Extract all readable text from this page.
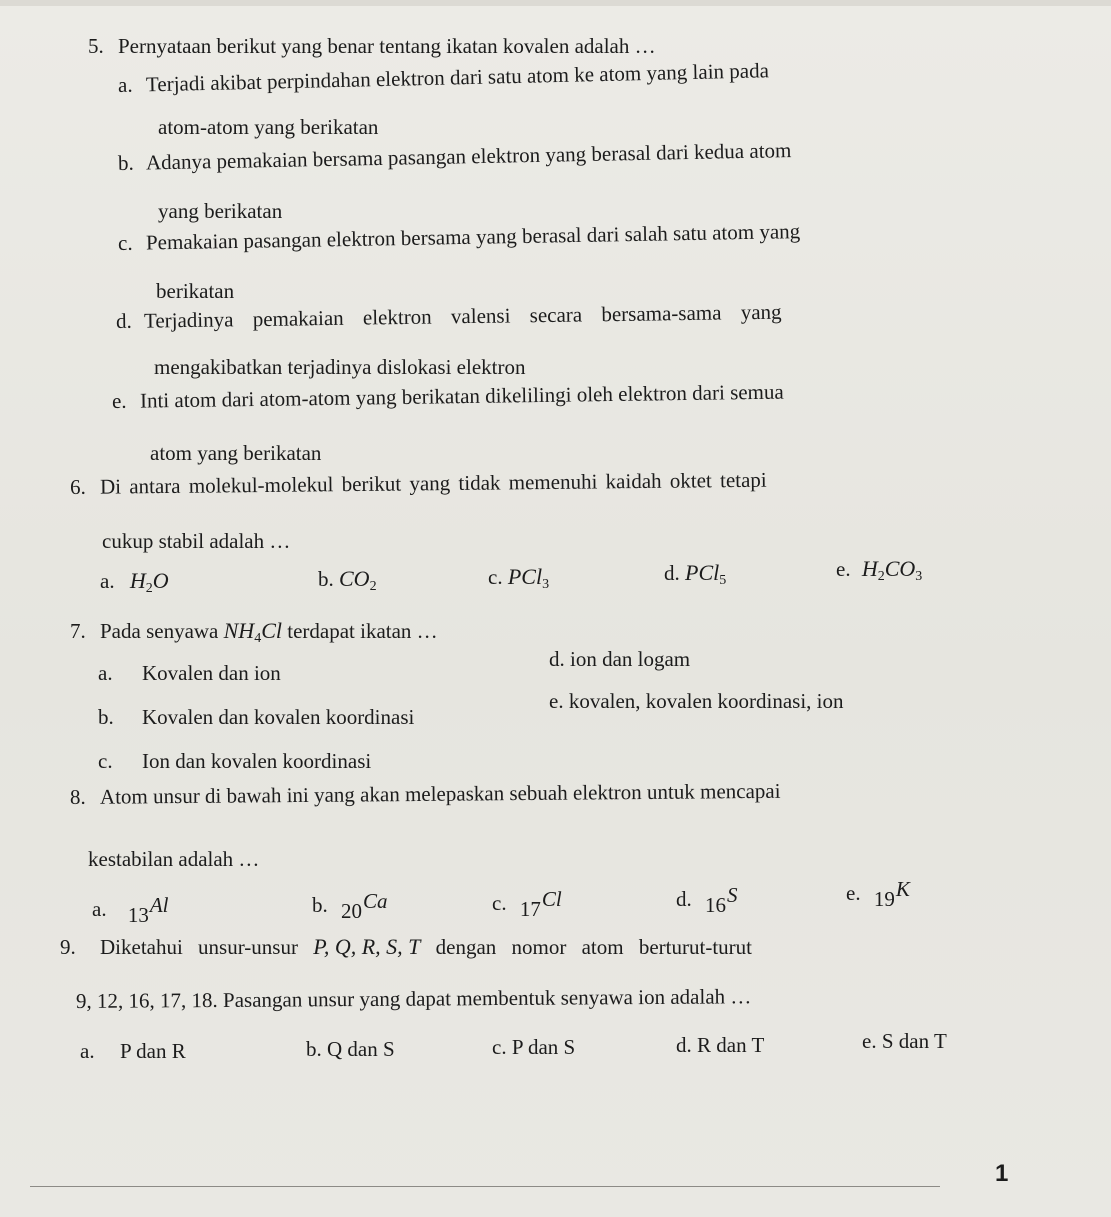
5. Pernyataan berikut yang benar tentang ikatan kovalen adalah …
a. Terjadi akibat perpindahan elektron dari satu atom ke atom yang lain pada
atom-atom yang berikatan
b. Adanya pemakaian bersama pasangan elektron yang berasal dari kedua atom
yang berikatan
c. Pemakaian pasangan elektron bersama yang berasal dari salah satu atom yang
berikatan
d. Terjadinya pemakaian elektron valensi secara bersama-sama yang
mengakibatkan terjadinya dislokasi elektron
e. Inti atom dari atom-atom yang berikatan dikelilingi oleh elektron dari semua
atom yang berikatan
6. Di antara molekul-molekul berikut yang tidak memenuhi kaidah oktet tetapi
cukup stabil adalah …
a. $H_2O$	b. $CO_2$	c. PCl$_3$	d. PCl$_5$	e. $H_2CO_3$
7. Pada senyawa $NH_4Cl$ terdapat ikatan …
a. Kovalen dan ion
d. ion dan logam
b. Kovalen dan kovalen koordinasi
e. kovalen, kovalen koordinasi, ion
c. Ion dan kovalen koordinasi
8. Atom unsur di bawah ini yang akan melepaskan sebuah elektron untuk mencapai
kestabilan adalah …
a. 13Al	b. 20Ca	c. 17Cl	d. 16S	e. 19K
9. Diketahui unsur-unsur P, Q, R, S, T dengan nomor atom berturut-turut
9, 12, 16, 17, 18. Pasangan unsur yang dapat membentuk senyawa ion adalah …
a. P dan R	b. Q dan S	c. P dan S	d. R dan T	e. S dan T
1
